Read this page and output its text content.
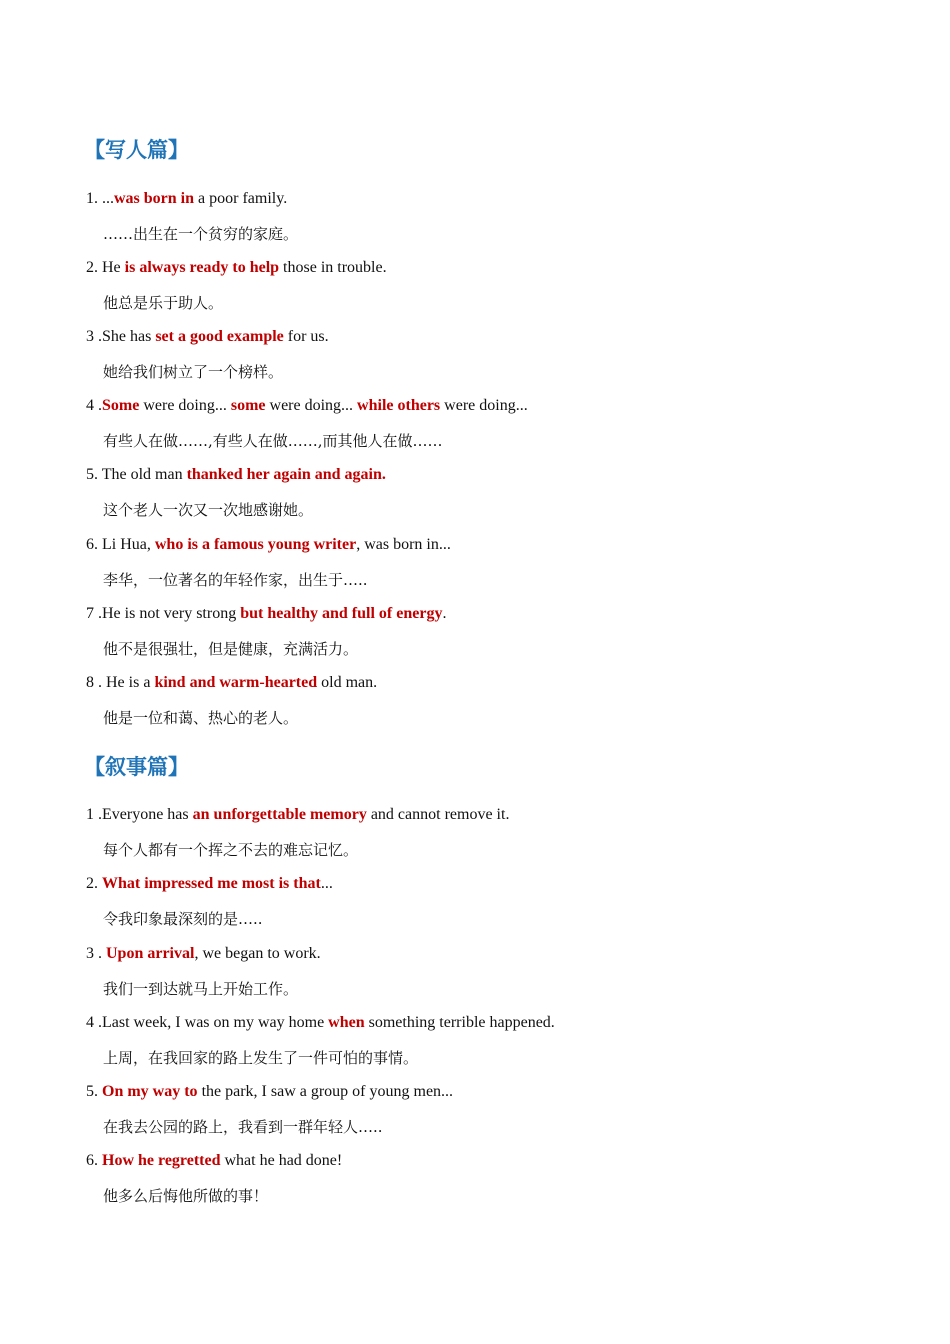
【写人篇】
1. ...was born in a poor family.
……出生在一个贫穷的家庭。
2. He is always ready to help those in trouble.
他总是乐于助人。
3 .She has set a good example for us.
她给我们树立了一个榜样。
4 .Some were doing... some were doing... while others were doing...
有些人在做……,有些人在做……,而其他人在做……
5. The old man thanked her again and again.
这个老人一次又一次地感谢她。
6. Li Hua, who is a famous young writer, was born in...
李华，一位著名的年轻作家，出生于…..
7 .He is not very strong but healthy and full of energy.
他不是很强壮，但是健康，充满活力。
8 . He is a kind and warm-hearted old man.
他是一位和蔼、热心的老人。
【叙事篇】
1 .Everyone has an unforgettable memory and cannot remove it.
每个人都有一个挥之不去的难忘记忆。
2. What impressed me most is that...
令我印象最深刻的是…..
3 . Upon arrival, we began to work.
我们一到达就马上开始工作。
4 .Last week, I was on my way home when something terrible happened.
上周，在我回家的路上发生了一件可怕的事情。
5. On my way to the park, I saw a group of young men...
在我去公园的路上，我看到一群年轻人…..
6. How he regretted what he had done!
他多么后悔他所做的事！
